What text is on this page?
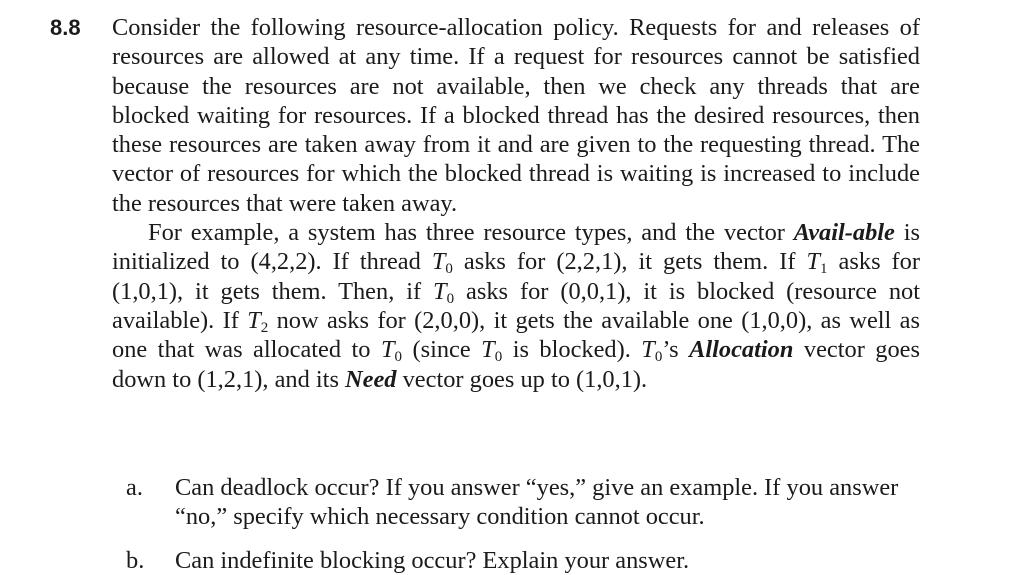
8.8 Consider the following resource-allocation policy. Requests for and releases of resources are allowed at any time. If a request for resources cannot be satisfied because the resources are not available, then we check any threads that are blocked waiting for resources. If a blocked thread has the desired resources, then these resources are taken away from it and are given to the requesting thread. The vector of resources for which the blocked thread is waiting is increased to include the resources that were taken away.

For example, a system has three resource types, and the vector Avail-able is initialized to (4,2,2). If thread $T_0$ asks for (2,2,1), it gets them. If $T_1$ asks for (1,0,1), it gets them. Then, if $T_0$ asks for (0,0,1), it is blocked (resource not available). If $T_2$ now asks for (2,0,0), it gets the available one (1,0,0), as well as one that was allocated to $T_0$ (since $T_0$ is blocked). $T_0’s$ Allocation vector goes down to (1,2,1), and its Need vector goes up to (1,0,1).

a. Can deadlock occur? If you answer “yes,” give an example. If you answer “no,” specify which necessary condition cannot occur.
b. Can indefinite blocking occur? Explain your answer.
